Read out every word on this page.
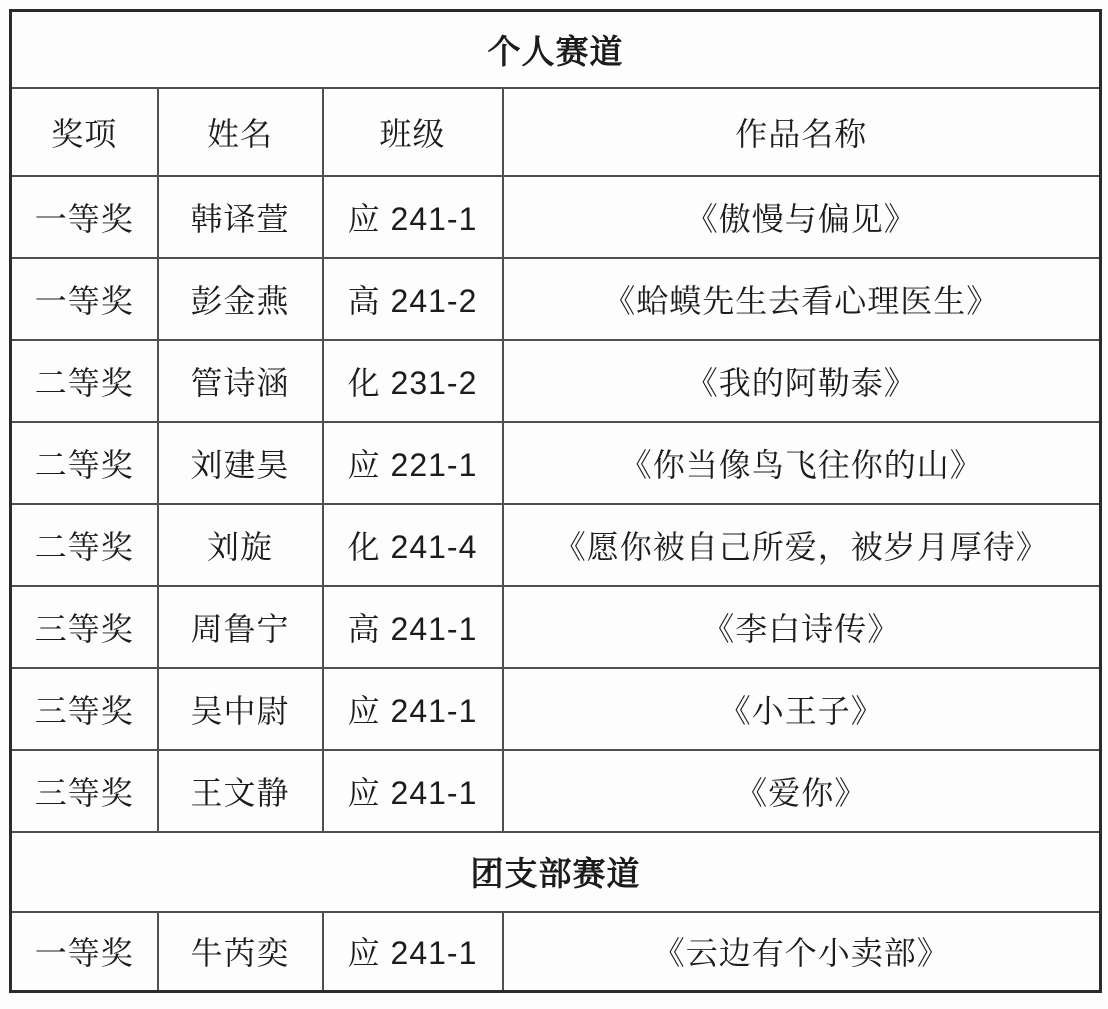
个人赛道			
奖项	姓名	班级	作品名称
一等奖	韩译萱	应 241-1	《傲慢与偏见》
一等奖	彭金燕	高 241-2	《蛤蟆先生去看心理医生》
二等奖	管诗涵	化 231-2	《我的阿勒泰》
二等奖	刘建昊	应 221-1	《你当像鸟飞往你的山》
二等奖	刘旋	化 241-4	《愿你被自己所爱，被岁月厚待》
三等奖	周鲁宁	高 241-1	《李白诗传》
三等奖	吴中尉	应 241-1	《小王子》
三等奖	王文静	应 241-1	《爱你》
团支部赛道			
一等奖	牛芮奕	应 241-1	《云边有个小卖部》
